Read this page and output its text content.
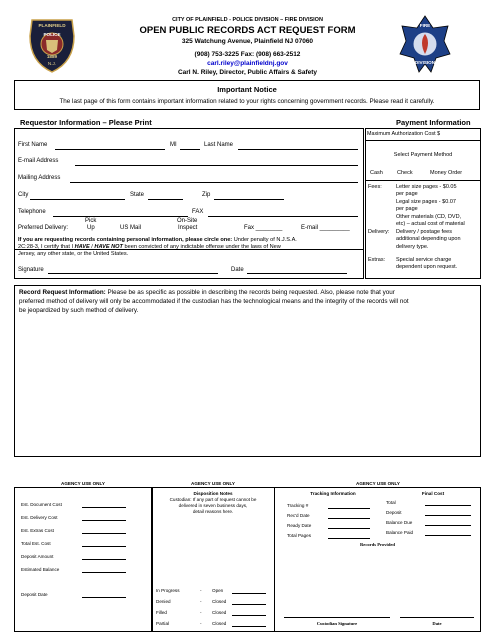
PLAINFIELD
POLICE
1889
N.J.
FIRE
DIVISION
CITY OF PLAINFIELD - POLICE DIVISION – FIRE DIVISION
OPEN PUBLIC RECORDS ACT REQUEST FORM
325 Watchung Avenue, Plainfield NJ 07060
(908) 753-3225 Fax: (908) 663-2512
carl.riley@plainfieldnj.gov
Carl N. Riley, Director, Public Affairs & Safety
Important Notice
The last page of this form contains important information related to your rights concerning government records. Please read it carefully.
Requestor Information – Please Print	Payment Information
First Name	MI	Last Name
E-mail Address
Mailing Address
City	State	Zip
Telephone	FAX
Pick	On-Site
Preferred Delivery:	Up	US Mail	Inspect	Fax ________	E-mail _________
If you are requesting records containing personal information, please circle one: Under penalty of N.J.S.A.
2C:28-3, I certify that I HAVE / HAVE NOT been convicted of any indictable offense under the laws of New
Jersey, any other state, or the United States.
Signature	Date
Maximum Authorization Cost $
Select Payment Method
Cash	Check	Money Order
Fees:	Letter size pages - $0.05
per page
Legal size pages - $0.07
per page
Other materials (CD, DVD,
etc) – actual cost of material
Delivery: Delivery / postage fees
additional depending upon
delivery type.
Extras: Special service charge
dependent upon request.
Record Request Information: Please be as specific as possible in describing the records being requested. Also, please note that your
preferred method of delivery will only be accommodated if the custodian has the technological means and the integrity of the records will not
be jeopardized by such method of delivery.
AGENCY USE ONLY	AGENCY USE ONLY	AGENCY USE ONLY
Est. Document Cost
Est. Delivery Cost
Est. Extras Cost
Total Est. Cost
Deposit Amount
Estimated Balance
Deposit Date
Disposition Notes
Custodian: If any part of request cannot be
delivered in seven business days,
detail reasons here.
In Progress	- Open
Denied	- Closed
Filled	- Closed
Partial	- Closed
Tracking Information	Final Cost
Tracking #
Rec'd Date
Ready Date
Total Pages
Total
Deposit
Balance Due
Balance Paid
Records Provided
Custodian Signature	Date
